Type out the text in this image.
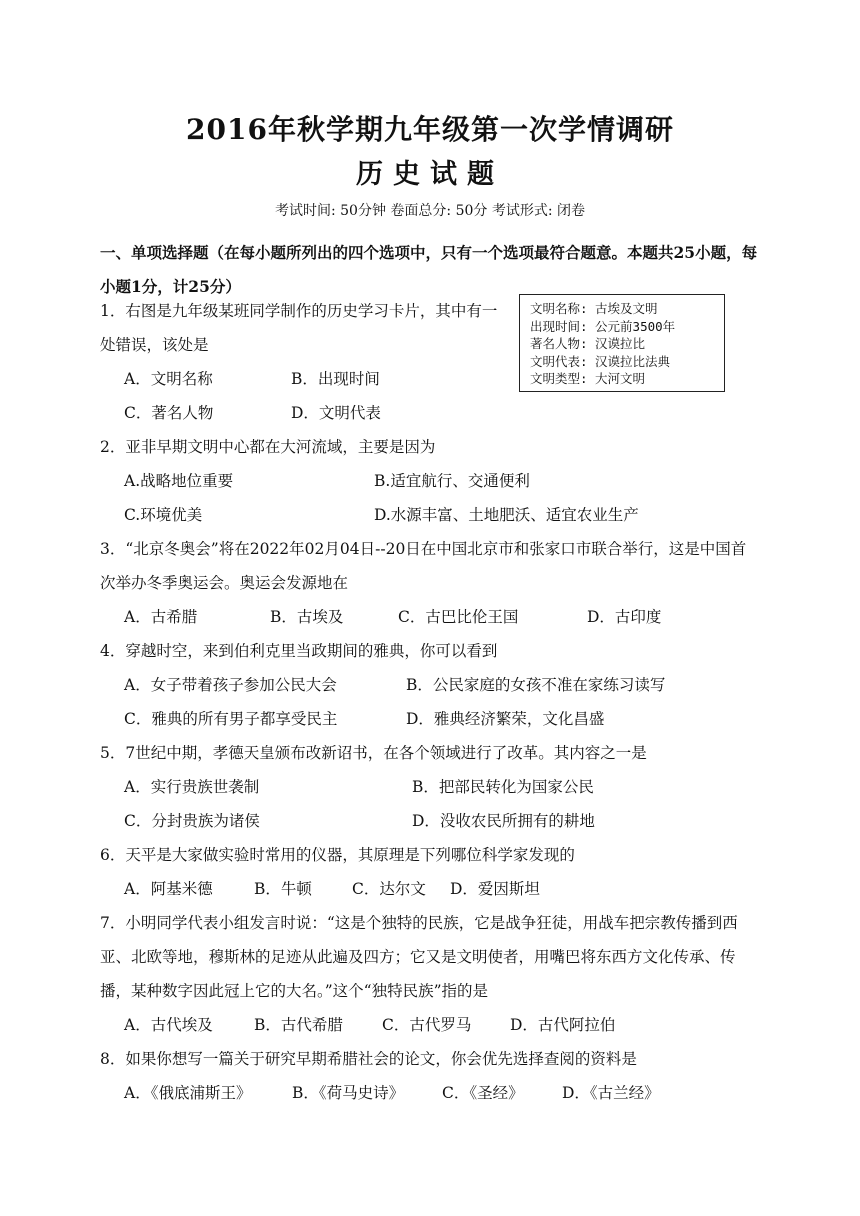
2016年秋学期九年级第一次学情调研
历史试题
考试时间: 50分钟 卷面总分: 50分 考试形式: 闭卷
一、单项选择题（在每小题所列出的四个选项中，只有一个选项最符合题意。本题共25小题，每小题1分，计25分）
1．右图是九年级某班同学制作的历史学习卡片，其中有一处错误，该处是
文明名称: 古埃及文明
出现时间: 公元前3500年
著名人物: 汉谟拉比
文明代表: 汉谟拉比法典
文明类型: 大河文明
A．文明名称	B．出现时间
C．著名人物	D．文明代表
2．亚非早期文明中心都在大河流域，主要是因为
A.战略地位重要	B.适宜航行、交通便利
C.环境优美	D.水源丰富、土地肥沃、适宜农业生产
3．“北京冬奥会”将在2022年02月04日--20日在中国北京市和张家口市联合举行，这是中国首次举办冬季奥运会。奥运会发源地在
A．古希腊	B．古埃及	C．古巴比伦王国	D．古印度
4．穿越时空，来到伯利克里当政期间的雅典，你可以看到
A．女子带着孩子参加公民大会	B．公民家庭的女孩不准在家练习读写
C．雅典的所有男子都享受民主	D．雅典经济繁荣，文化昌盛
5．7世纪中期，孝德天皇颁布改新诏书，在各个领域进行了改革。其内容之一是
A．实行贵族世袭制	B．把部民转化为国家公民
C．分封贵族为诸侯	D．没收农民所拥有的耕地
6．天平是大家做实验时常用的仪器，其原理是下列哪位科学家发现的
A．阿基米德	B．牛顿	C．达尔文 D．爱因斯坦
7．小明同学代表小组发言时说：“这是个独特的民族，它是战争狂徒，用战车把宗教传播到西亚、北欧等地，穆斯林的足迹从此遍及四方；它又是文明使者，用嘴巴将东西方文化传承、传播，某种数字因此冠上它的大名。”这个“独特民族”指的是
A．古代埃及	B．古代希腊	C．古代罗马 D．古代阿拉伯
8．如果你想写一篇关于研究早期希腊社会的论文，你会优先选择查阅的资料是
A．《俄底浦斯王》	B．《荷马史诗》 C．《圣经》 D．《古兰经》
